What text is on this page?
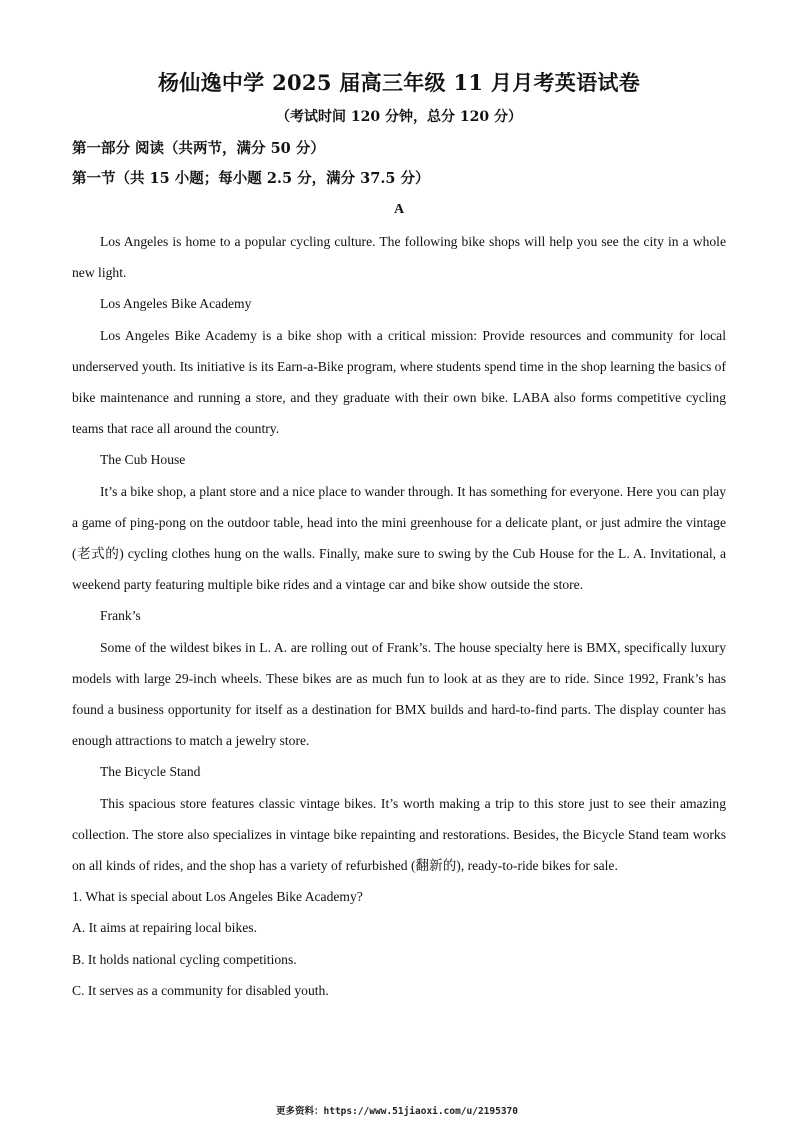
杨仙逸中学 2025 届高三年级 11 月月考英语试卷

（考试时间 120 分钟，总分 120 分）

第一部分 阅读（共两节，满分 50 分）

第一节（共 15 小题；每小题 2.5 分，满分 37.5 分）

A

Los Angeles is home to a popular cycling culture. The following bike shops will help you see the city in a whole new light.

Los Angeles Bike Academy

Los Angeles Bike Academy is a bike shop with a critical mission: Provide resources and community for local underserved youth. Its initiative is its Earn-a-Bike program, where students spend time in the shop learning the basics of bike maintenance and running a store, and they graduate with their own bike. LABA also forms competitive cycling teams that race all around the country.

The Cub House

It’s a bike shop, a plant store and a nice place to wander through. It has something for everyone. Here you can play a game of ping-pong on the outdoor table, head into the mini greenhouse for a delicate plant, or just admire the vintage (老式的) cycling clothes hung on the walls. Finally, make sure to swing by the Cub House for the L. A. Invitational, a weekend party featuring multiple bike rides and a vintage car and bike show outside the store.

Frank’s

Some of the wildest bikes in L. A. are rolling out of Frank’s. The house specialty here is BMX, specifically luxury models with large 29-inch wheels. These bikes are as much fun to look at as they are to ride. Since 1992, Frank’s has found a business opportunity for itself as a destination for BMX builds and hard-to-find parts. The display counter has enough attractions to match a jewelry store.

The Bicycle Stand

This spacious store features classic vintage bikes. It’s worth making a trip to this store just to see their amazing collection. The store also specializes in vintage bike repainting and restorations. Besides, the Bicycle Stand team works on all kinds of rides, and the shop has a variety of refurbished (翻新的), ready-to-ride bikes for sale.

1. What is special about Los Angeles Bike Academy?

A. It aims at repairing local bikes.

B. It holds national cycling competitions.

C. It serves as a community for disabled youth.

更多资料：https://www.51jiaoxi.com/u/2195370
